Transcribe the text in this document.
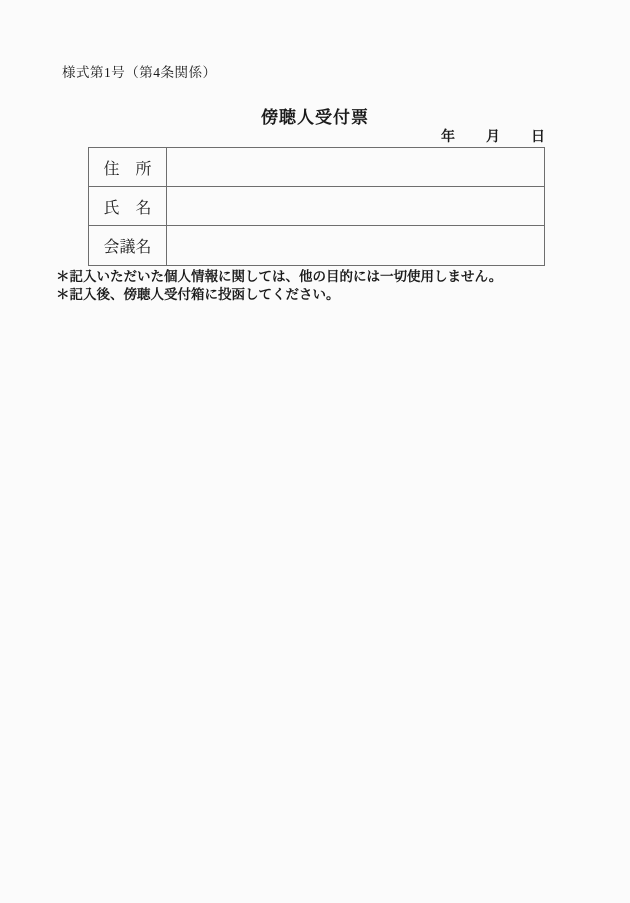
様式第1号（第4条関係）
傍聴人受付票
年 月 日
住　所	
氏　名	
会議名	
＊記入いただいた個人情報に関しては、他の目的には一切使用しません。
＊記入後、傍聴人受付箱に投函してください。
